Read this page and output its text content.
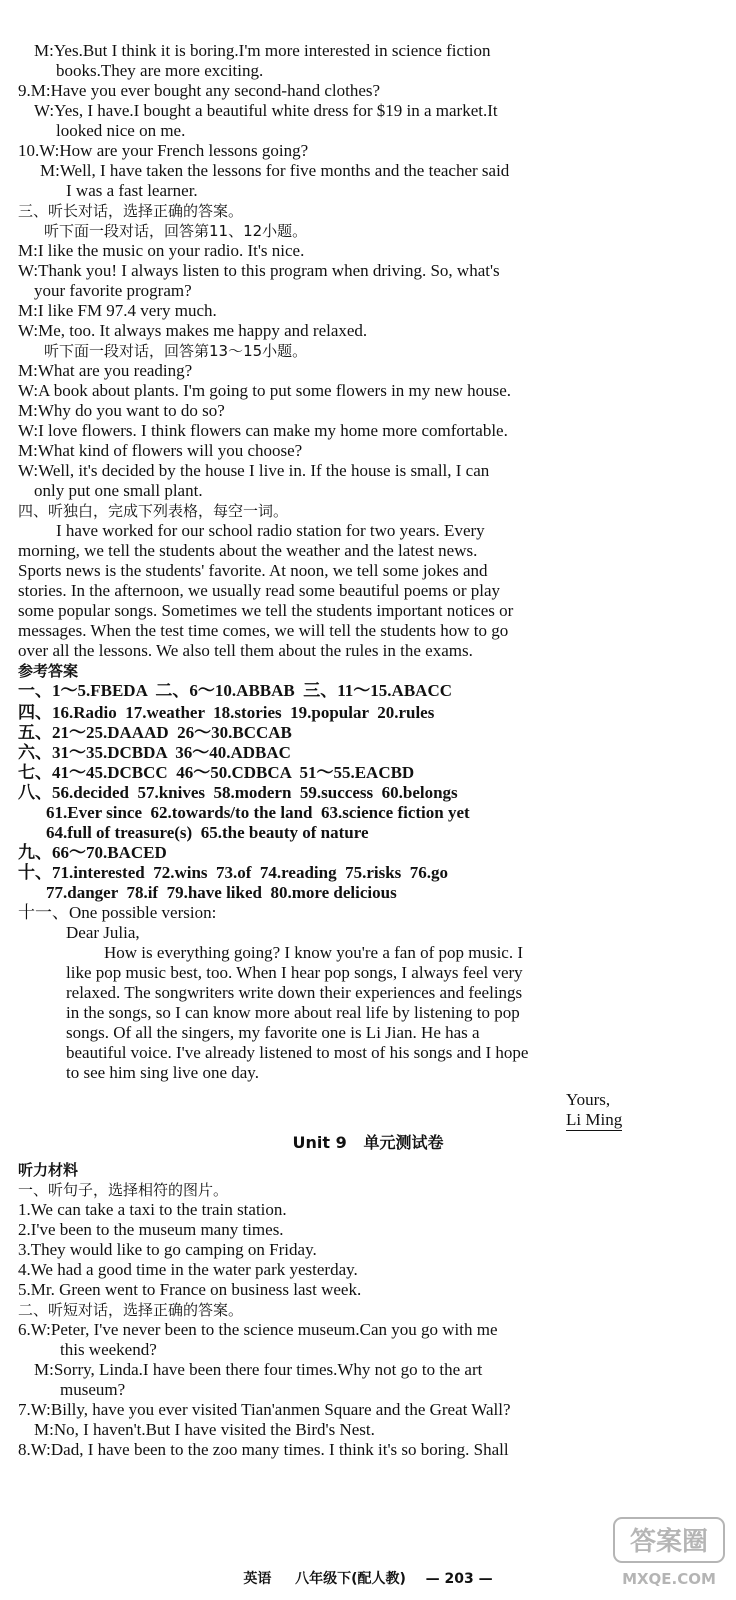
M:Yes.But I think it is boring.I'm more interested in science fiction
books.They are more exciting.
9.M:Have you ever bought any second-hand clothes?
W:Yes, I have.I bought a beautiful white dress for $19 in a market.It
looked nice on me.
10.W:How are your French lessons going?
M:Well, I have taken the lessons for five months and the teacher said
I was a fast learner.
三、听长对话，选择正确的答案。
听下面一段对话，回答第11、12小题。
M:I like the music on your radio. It's nice.
W:Thank you! I always listen to this program when driving. So, what's
your favorite program?
M:I like FM 97.4 very much.
W:Me, too. It always makes me happy and relaxed.
听下面一段对话，回答第13～15小题。
M:What are you reading?
W:A book about plants. I'm going to put some flowers in my new house.
M:Why do you want to do so?
W:I love flowers. I think flowers can make my home more comfortable.
M:What kind of flowers will you choose?
W:Well, it's decided by the house I live in. If the house is small, I can
only put one small plant.
四、听独白，完成下列表格，每空一词。
I have worked for our school radio station for two years. Every
morning, we tell the students about the weather and the latest news.
Sports news is the students' favorite. At noon, we tell some jokes and
stories. In the afternoon, we usually read some beautiful poems or play
some popular songs. Sometimes we tell the students important notices or
messages. When the test time comes, we will tell the students how to go
over all the lessons. We also tell them about the rules in the exams.
参考答案
一、1～5.FBEDA  二、6～10.ABBAB  三、11～15.ABACC
四、16.Radio  17.weather  18.stories  19.popular  20.rules
五、21～25.DAAAD  26～30.BCCAB
六、31～35.DCBDA  36～40.ADBAC
七、41～45.DCBCC  46～50.CDBCA  51～55.EACBD
八、56.decided  57.knives  58.modern  59.success  60.belongs
61.Ever since  62.towards/to the land  63.science fiction yet
64.full of treasure(s)  65.the beauty of nature
九、66～70.BACED
十、71.interested  72.wins  73.of  74.reading  75.risks  76.go
77.danger  78.if  79.have liked  80.more delicious
十一、One possible version:
Dear Julia,
How is everything going? I know you're a fan of pop music. I
like pop music best, too. When I hear pop songs, I always feel very
relaxed. The songwriters write down their experiences and feelings
in the songs, so I can know more about real life by listening to pop
songs. Of all the singers, my favorite one is Li Jian. He has a
beautiful voice. I've already listened to most of his songs and I hope
to see him sing live one day.
Yours,
Li Ming
Unit 9   单元测试卷
听力材料
一、听句子，选择相符的图片。
1.We can take a taxi to the train station.
2.I've been to the museum many times.
3.They would like to go camping on Friday.
4.We had a good time in the water park yesterday.
5.Mr. Green went to France on business last week.
二、听短对话，选择正确的答案。
6.W:Peter, I've never been to the science museum.Can you go with me
this weekend?
M:Sorry, Linda.I have been there four times.Why not go to the art
museum?
7.W:Billy, have you ever visited Tian'anmen Square and the Great Wall?
M:No, I haven't.But I have visited the Bird's Nest.
8.W:Dad, I have been to the zoo many times. I think it's so boring. Shall
英语 八年级下(配人教) — 203 —
答案圈
MXQE.COM
